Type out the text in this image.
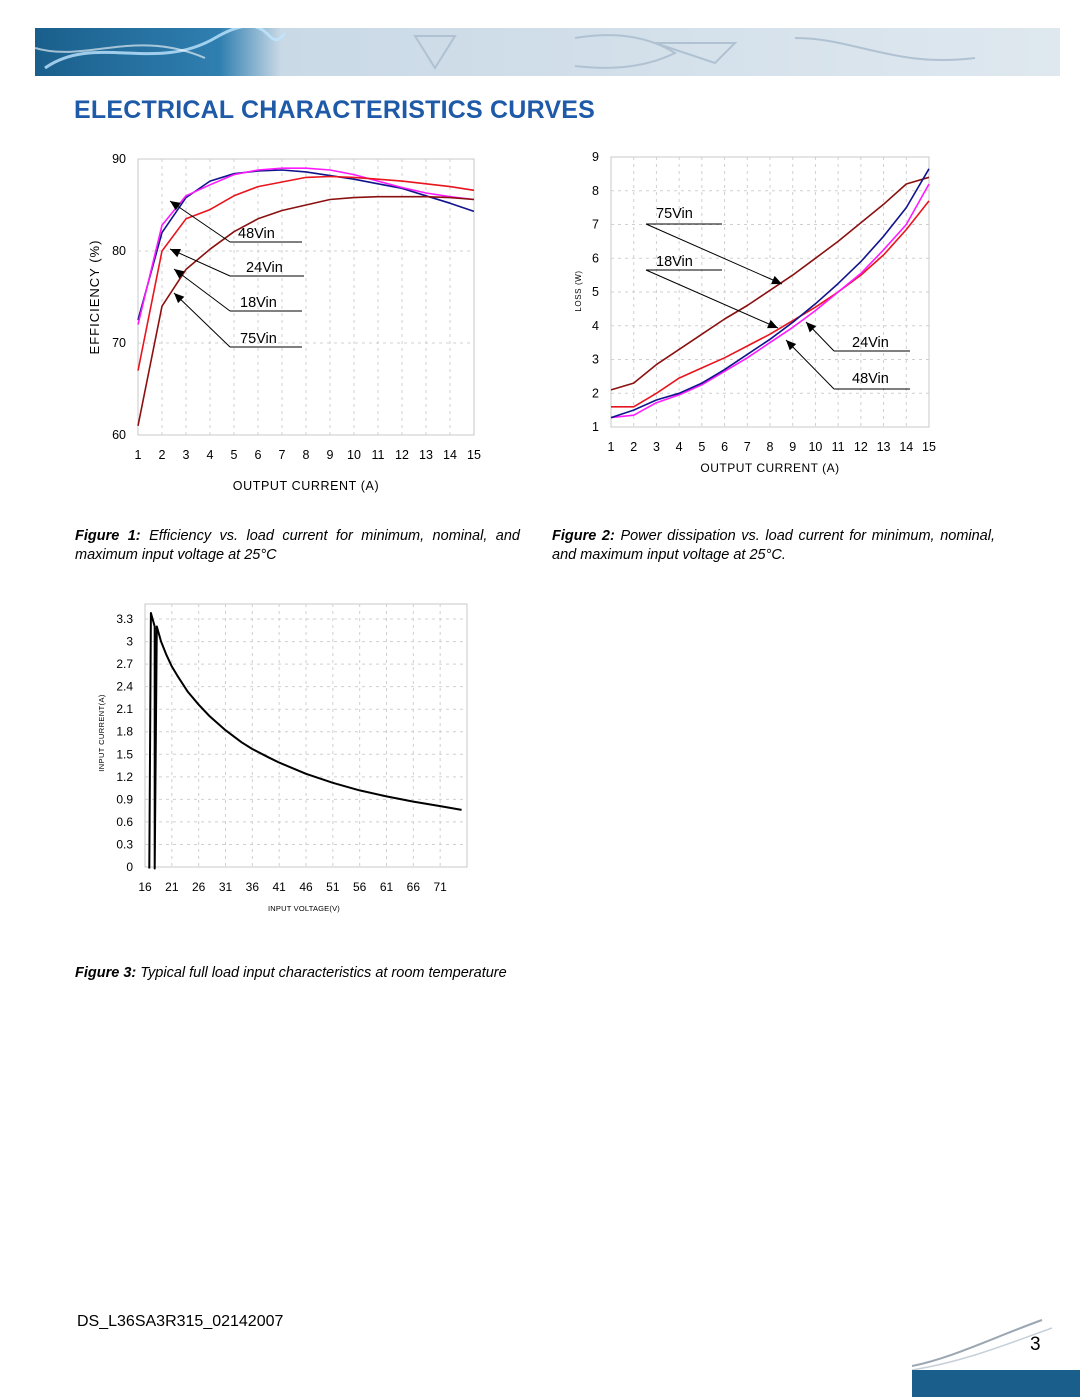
ELECTRICAL CHARACTERISTICS CURVES
48Vin
24Vin
18Vin
75Vin
60
70
80
90
1 2 3 4 5 6 7 8 9 10 11 12 13 14 15
EFFICIENCY (%)
OUTPUT CURRENT (A)
75Vin
18Vin
24Vin
48Vin
1
2
3
4
5
6
7
8
9
1 2 3 4 5 6 7 8 9 10 11 12 13 14 15
LOSS (W)
OUTPUT CURRENT (A)
0
0.3
0.6
0.9
1.2
1.5
1.8
2.1
2.4
2.7
3
3.3
16 21 26 31 36 41 46 51 56 61 66 71
INPUT CURRENT(A)
INPUT VOLTAGE(V)

Figure 1: Efficiency vs. load current for minimum, nominal, and maximum input voltage at 25°C

Figure 2: Power dissipation vs. load current for minimum, nominal, and maximum input voltage at 25°C.

Figure 3: Typical full load input characteristics at room temperature

DS_L36SA3R315_02142007

3
